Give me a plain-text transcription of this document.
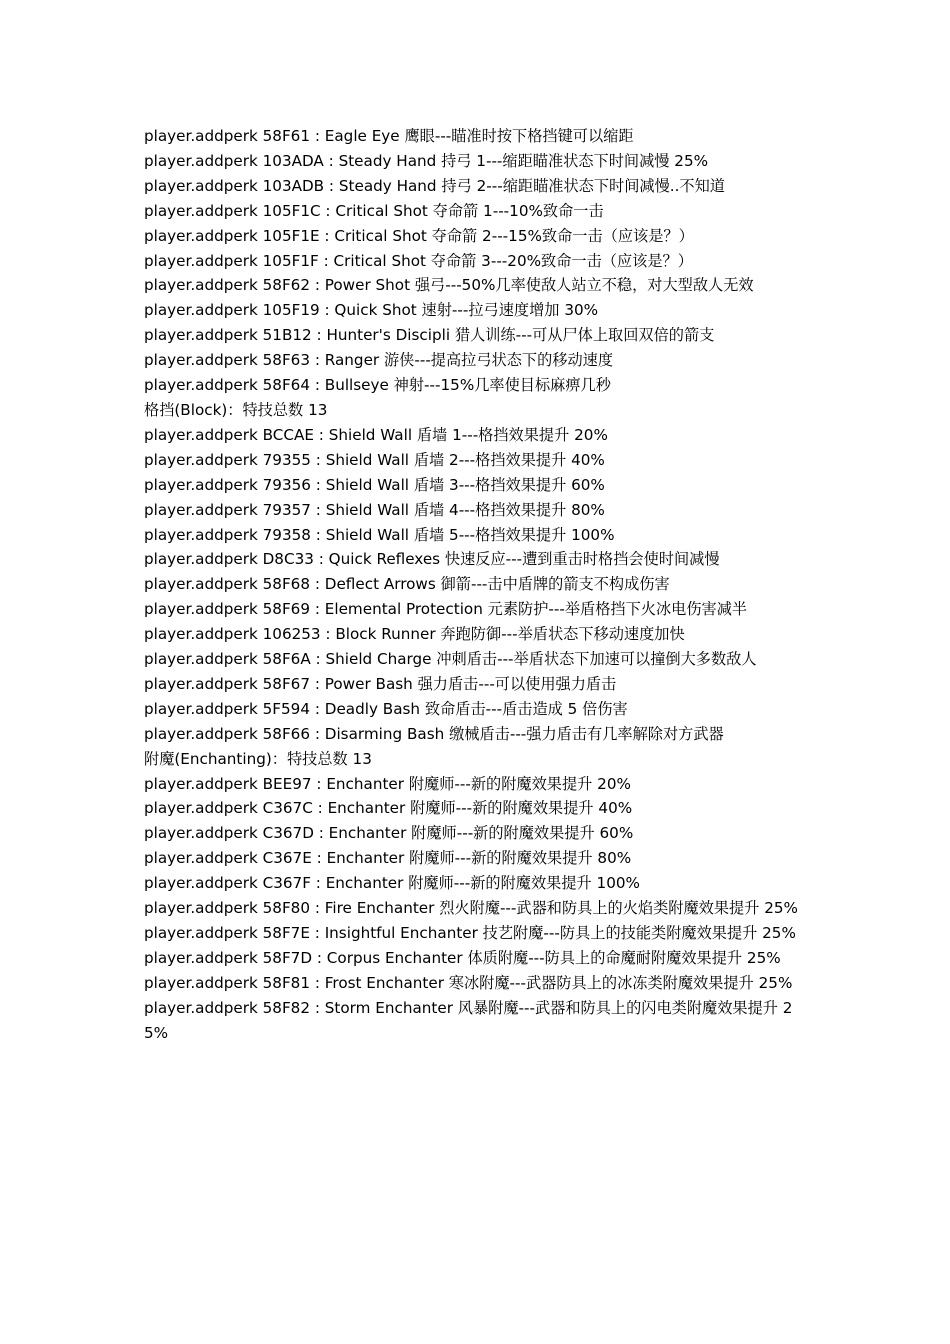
player.addperk 58F61 : Eagle Eye 鹰眼---瞄准时按下格挡键可以缩距

player.addperk 103ADA : Steady Hand 持弓 1---缩距瞄准状态下时间减慢 25%

player.addperk 103ADB : Steady Hand 持弓 2---缩距瞄准状态下时间减慢..不知道

player.addperk 105F1C : Critical Shot 夺命箭 1---10%致命一击

player.addperk 105F1E : Critical Shot 夺命箭 2---15%致命一击（应该是？）

player.addperk 105F1F : Critical Shot 夺命箭 3---20%致命一击（应该是？）

player.addperk 58F62 : Power Shot 强弓---50%几率使敌人站立不稳，对大型敌人无效

player.addperk 105F19 : Quick Shot 速射---拉弓速度增加 30%

player.addperk 51B12 : Hunter's Discipli 猎人训练---可从尸体上取回双倍的箭支

player.addperk 58F63 : Ranger 游侠---提高拉弓状态下的移动速度

player.addperk 58F64 : Bullseye 神射---15%几率使目标麻痹几秒

格挡(Block)：特技总数 13

player.addperk BCCAE : Shield Wall 盾墙 1---格挡效果提升 20%

player.addperk 79355 : Shield Wall 盾墙 2---格挡效果提升 40%

player.addperk 79356 : Shield Wall 盾墙 3---格挡效果提升 60%

player.addperk 79357 : Shield Wall 盾墙 4---格挡效果提升 80%

player.addperk 79358 : Shield Wall 盾墙 5---格挡效果提升 100%

player.addperk D8C33 : Quick Reflexes 快速反应---遭到重击时格挡会使时间减慢

player.addperk 58F68 : Deflect Arrows 御箭---击中盾牌的箭支不构成伤害

player.addperk 58F69 : Elemental Protection 元素防护---举盾格挡下火冰电伤害减半

player.addperk 106253 : Block Runner 奔跑防御---举盾状态下移动速度加快

player.addperk 58F6A : Shield Charge 冲刺盾击---举盾状态下加速可以撞倒大多数敌人

player.addperk 58F67 : Power Bash 强力盾击---可以使用强力盾击

player.addperk 5F594 : Deadly Bash 致命盾击---盾击造成 5 倍伤害

player.addperk 58F66 : Disarming Bash 缴械盾击---强力盾击有几率解除对方武器

附魔(Enchanting)：特技总数 13

player.addperk BEE97 : Enchanter 附魔师---新的附魔效果提升 20%

player.addperk C367C : Enchanter 附魔师---新的附魔效果提升 40%

player.addperk C367D : Enchanter 附魔师---新的附魔效果提升 60%

player.addperk C367E : Enchanter 附魔师---新的附魔效果提升 80%

player.addperk C367F : Enchanter 附魔师---新的附魔效果提升 100%

player.addperk 58F80 : Fire Enchanter 烈火附魔---武器和防具上的火焰类附魔效果提升 25%

player.addperk 58F7E : Insightful Enchanter 技艺附魔---防具上的技能类附魔效果提升 25%

player.addperk 58F7D : Corpus Enchanter 体质附魔---防具上的命魔耐附魔效果提升 25%

player.addperk 58F81 : Frost Enchanter 寒冰附魔---武器防具上的冰冻类附魔效果提升 25%

player.addperk 58F82 : Storm Enchanter 风暴附魔---武器和防具上的闪电类附魔效果提升 25%
